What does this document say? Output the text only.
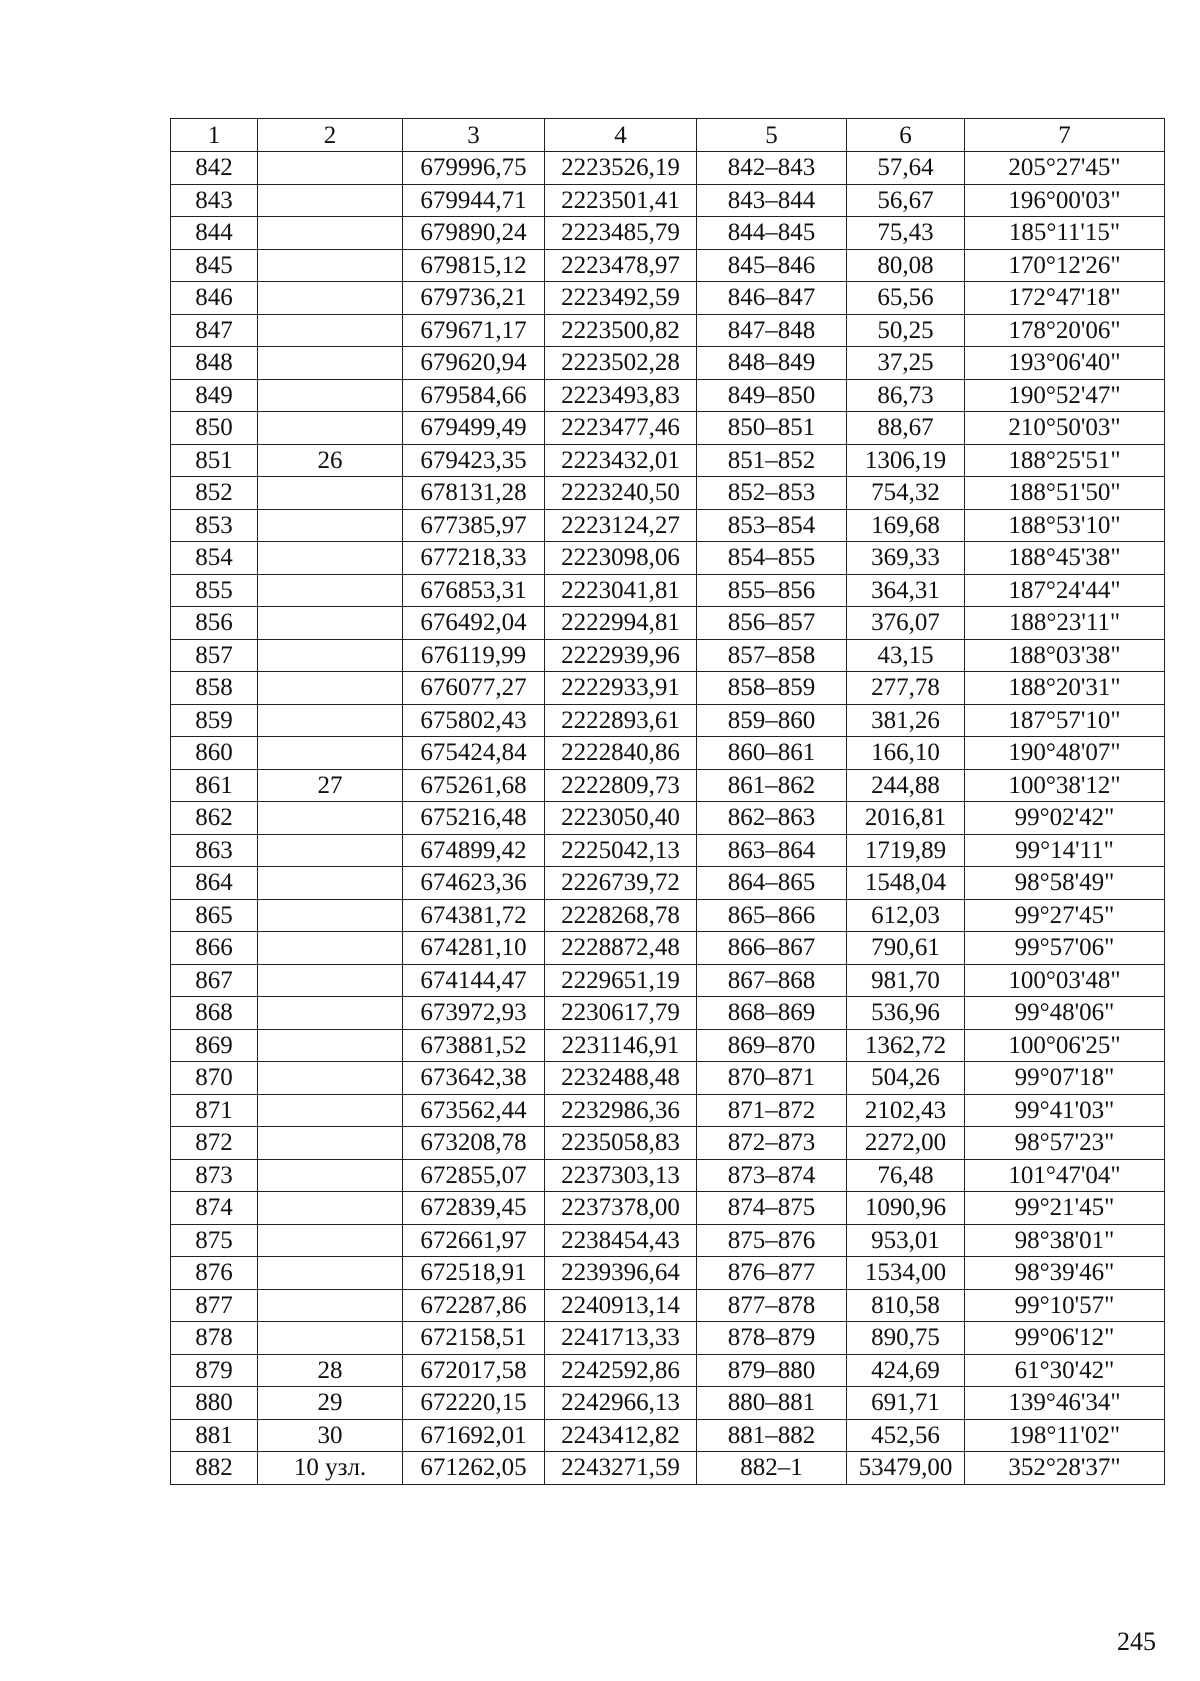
1	2	3	4	5	6	7
842		679996,75	2223526,19	842–843	57,64	205°27'45"
843		679944,71	2223501,41	843–844	56,67	196°00'03"
844		679890,24	2223485,79	844–845	75,43	185°11'15"
845		679815,12	2223478,97	845–846	80,08	170°12'26"
846		679736,21	2223492,59	846–847	65,56	172°47'18"
847		679671,17	2223500,82	847–848	50,25	178°20'06"
848		679620,94	2223502,28	848–849	37,25	193°06'40"
849		679584,66	2223493,83	849–850	86,73	190°52'47"
850		679499,49	2223477,46	850–851	88,67	210°50'03"
851	26	679423,35	2223432,01	851–852	1306,19	188°25'51"
852		678131,28	2223240,50	852–853	754,32	188°51'50"
853		677385,97	2223124,27	853–854	169,68	188°53'10"
854		677218,33	2223098,06	854–855	369,33	188°45'38"
855		676853,31	2223041,81	855–856	364,31	187°24'44"
856		676492,04	2222994,81	856–857	376,07	188°23'11"
857		676119,99	2222939,96	857–858	43,15	188°03'38"
858		676077,27	2222933,91	858–859	277,78	188°20'31"
859		675802,43	2222893,61	859–860	381,26	187°57'10"
860		675424,84	2222840,86	860–861	166,10	190°48'07"
861	27	675261,68	2222809,73	861–862	244,88	100°38'12"
862		675216,48	2223050,40	862–863	2016,81	99°02'42"
863		674899,42	2225042,13	863–864	1719,89	99°14'11"
864		674623,36	2226739,72	864–865	1548,04	98°58'49"
865		674381,72	2228268,78	865–866	612,03	99°27'45"
866		674281,10	2228872,48	866–867	790,61	99°57'06"
867		674144,47	2229651,19	867–868	981,70	100°03'48"
868		673972,93	2230617,79	868–869	536,96	99°48'06"
869		673881,52	2231146,91	869–870	1362,72	100°06'25"
870		673642,38	2232488,48	870–871	504,26	99°07'18"
871		673562,44	2232986,36	871–872	2102,43	99°41'03"
872		673208,78	2235058,83	872–873	2272,00	98°57'23"
873		672855,07	2237303,13	873–874	76,48	101°47'04"
874		672839,45	2237378,00	874–875	1090,96	99°21'45"
875		672661,97	2238454,43	875–876	953,01	98°38'01"
876		672518,91	2239396,64	876–877	1534,00	98°39'46"
877		672287,86	2240913,14	877–878	810,58	99°10'57"
878		672158,51	2241713,33	878–879	890,75	99°06'12"
879	28	672017,58	2242592,86	879–880	424,69	61°30'42"
880	29	672220,15	2242966,13	880–881	691,71	139°46'34"
881	30	671692,01	2243412,82	881–882	452,56	198°11'02"
882	10 узл.	671262,05	2243271,59	882–1	53479,00	352°28'37"
245
